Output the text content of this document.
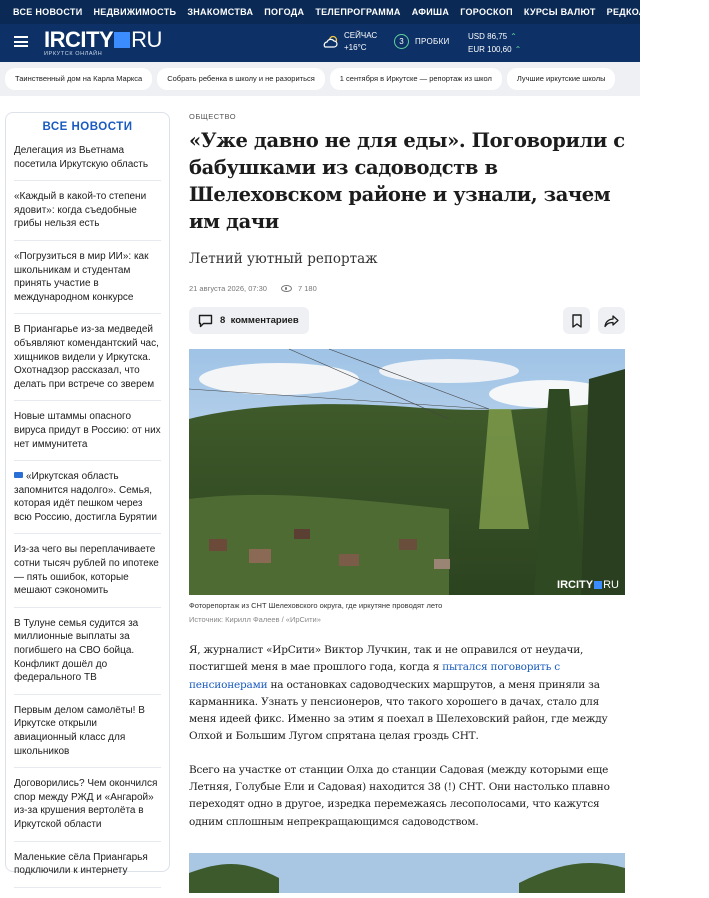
ВСЕ НОВОСТИ НЕДВИЖИМОСТЬ ЗНАКОМСТВА ПОГОДА ТЕЛЕПРОГРАММА АФИША ГОРОСКОП КУРСЫ ВАЛЮТ РЕДКОЛЛЕГИЯ ZOG
IRCITY RU
ИРКУТСК ОНЛАЙН
СЕЙЧАС
+16°C
3	ПРОБКИ
USD 86,75 ⌃
EUR 100,60 ⌃
Таинственный дом на Карла Маркса	Собрать ребенка в школу и не разориться	1 сентября в Иркутске — репортаж из школ	Лучшие иркутские школы
ВСЕ НОВОСТИ
Делегация из Вьетнама посетила Иркутскую область
«Каждый в какой-то степени ядовит»: когда съедобные грибы нельзя есть
«Погрузиться в мир ИИ»: как школьникам и студентам принять участие в международном конкурсе
В Приангарье из-за медведей объявляют комендантский час, хищников видели у Иркутска. Охотнадзор рассказал, что делать при встрече со зверем
Новые штаммы опасного вируса придут в Россию: от них нет иммунитета
«Иркутская область запомнится надолго». Семья, которая идёт пешком через всю Россию, достигла Бурятии
Из-за чего вы переплачиваете сотни тысяч рублей по ипотеке — пять ошибок, которые мешают сэкономить
В Тулуне семья судится за миллионные выплаты за погибшего на СВО бойца. Конфликт дошёл до федерального ТВ
Первым делом самолёты! В Иркутске открыли авиационный класс для школьников
Договорились? Чем окончился спор между РЖД и «Ангарой» из-за крушения вертолёта в Иркутской области
Маленькие сёла Приангарья подключили к интернету
ОБЩЕСТВО
«Уже давно не для еды». Поговорили с бабушками из садоводств в Шелеховском районе и узнали, зачем им дачи
Летний уютный репортаж
21 августа 2026, 07:30	7 180
8
комментариев
IRCITY RU
Фоторепортаж из СНТ Шелеховского округа, где иркутяне проводят лето
Источник: Кирилл Фалеев / «ИрСити»

Я, журналист «ИрСити» Виктор Лучкин, так и не оправился от неудачи, постигшей меня в мае прошлого года, когда я пытался поговорить с пенсионерами на остановках садоводческих маршрутов, а меня приняли за карманника. Узнать у пенсионеров, что такого хорошего в дачах, стало для меня идеей фикс. Именно за этим я поехал в Шелеховский район, где между Олхой и Большим Лугом спрятана целая гроздь СНТ.

Всего на участке от станции Олха до станции Садовая (между которыми еще Летняя, Голубые Ели и Садовая) находится 38 (!) СНТ. Они настолько плавно переходят одно в другое, изредка перемежаясь лесополосами, что кажутся одним сплошным непрекращающимся садоводством.
